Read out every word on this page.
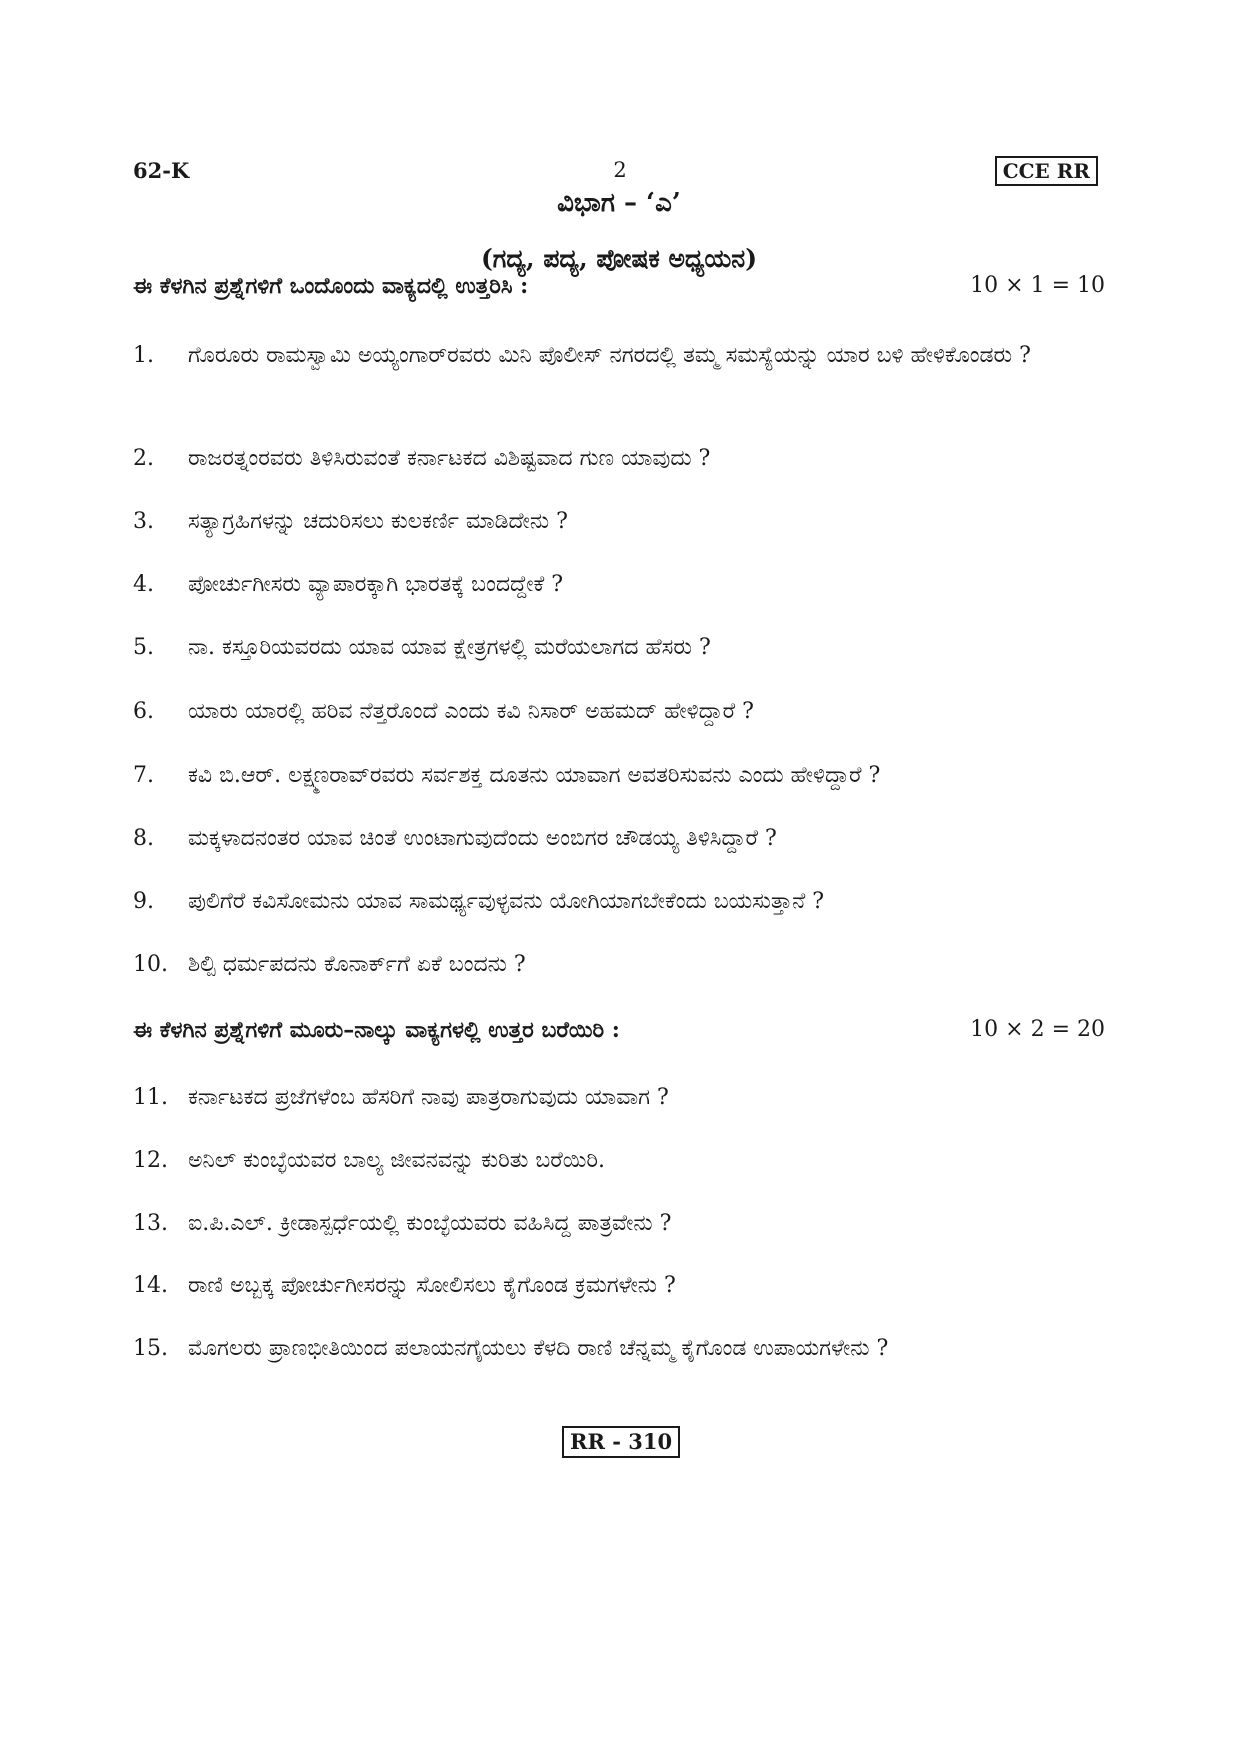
62-K	2	CCE RR
ವಿಭಾಗ – ‘ಎ’
(ಗದ್ಯ, ಪದ್ಯ, ಪೋಷಕ ಅಧ್ಯಯನ)
ಈ ಕೆಳಗಿನ ಪ್ರಶ್ನೆಗಳಿಗೆ ಒಂದೊಂದು ವಾಕ್ಯದಲ್ಲಿ ಉತ್ತರಿಸಿ :	10 × 1 = 10
1.	ಗೊರೂರು ರಾಮಸ್ವಾಮಿ ಅಯ್ಯಂಗಾರ್‌ರವರು ಮಿನಿ ಪೊಲೀಸ್ ನಗರದಲ್ಲಿ ತಮ್ಮ ಸಮಸ್ಯೆಯನ್ನು ಯಾರ ಬಳಿ ಹೇಳಿಕೊಂಡರು ?
2.	ರಾಜರತ್ನಂರವರು ತಿಳಿಸಿರುವಂತೆ ಕರ್ನಾಟಕದ ವಿಶಿಷ್ಟವಾದ ಗುಣ ಯಾವುದು ?
3.	ಸತ್ಯಾಗ್ರಹಿಗಳನ್ನು ಚದುರಿಸಲು ಕುಲಕರ್ಣಿ ಮಾಡಿದೇನು ?
4.	ಪೋರ್ಚುಗೀಸರು ವ್ಯಾಪಾರಕ್ಕಾಗಿ ಭಾರತಕ್ಕೆ ಬಂದದ್ದೇಕೆ ?
5.	ನಾ. ಕಸ್ತೂರಿಯವರದು ಯಾವ ಯಾವ ಕ್ಷೇತ್ರಗಳಲ್ಲಿ ಮರೆಯಲಾಗದ ಹೆಸರು ?
6.	ಯಾರು ಯಾರಲ್ಲಿ ಹರಿವ ನೆತ್ತರೊಂದೆ ಎಂದು ಕವಿ ನಿಸಾರ್ ಅಹಮದ್ ಹೇಳಿದ್ದಾರೆ ?
7.	ಕವಿ ಬಿ.ಆರ್. ಲಕ್ಷ್ಮಣರಾವ್‌ರವರು ಸರ್ವಶಕ್ತ ದೂತನು ಯಾವಾಗ ಅವತರಿಸುವನು ಎಂದು ಹೇಳಿದ್ದಾರೆ ?
8.	ಮಕ್ಕಳಾದನಂತರ ಯಾವ ಚಿಂತೆ ಉಂಟಾಗುವುದೆಂದು ಅಂಬಿಗರ ಚೌಡಯ್ಯ ತಿಳಿಸಿದ್ದಾರೆ ?
9.	ಪುಲಿಗೆರೆ ಕವಿಸೋಮನು ಯಾವ ಸಾಮರ್ಥ್ಯವುಳ್ಳವನು ಯೋಗಿಯಾಗಬೇಕೆಂದು ಬಯಸುತ್ತಾನೆ ?
10. ಶಿಲ್ಪಿ ಧರ್ಮಪದನು ಕೊನಾರ್ಕ್‌ಗೆ ಏಕೆ ಬಂದನು ?
ಈ ಕೆಳಗಿನ ಪ್ರಶ್ನೆಗಳಿಗೆ ಮೂರು–ನಾಲ್ಕು ವಾಕ್ಯಗಳಲ್ಲಿ ಉತ್ತರ ಬರೆಯಿರಿ :	10 × 2 = 20
11. ಕರ್ನಾಟಕದ ಪ್ರಜೆಗಳೆಂಬ ಹೆಸರಿಗೆ ನಾವು ಪಾತ್ರರಾಗುವುದು ಯಾವಾಗ ?
12. ಅನಿಲ್ ಕುಂಬ್ಳೆಯವರ ಬಾಲ್ಯ ಜೀವನವನ್ನು ಕುರಿತು ಬರೆಯಿರಿ.
13. ಐ.ಪಿ.ಎಲ್. ಕ್ರೀಡಾಸ್ಪರ್ಧೆಯಲ್ಲಿ ಕುಂಬ್ಳೆಯವರು ವಹಿಸಿದ್ದ ಪಾತ್ರವೇನು ?
14. ರಾಣಿ ಅಬ್ಬಕ್ಕ ಪೋರ್ಚುಗೀಸರನ್ನು ಸೋಲಿಸಲು ಕೈಗೊಂಡ ಕ್ರಮಗಳೇನು ?
15. ಮೊಗಲರು ಪ್ರಾಣಭೀತಿಯಿಂದ ಪಲಾಯನಗೈಯಲು ಕೆಳದಿ ರಾಣಿ ಚೆನ್ನಮ್ಮ ಕೈಗೊಂಡ ಉಪಾಯಗಳೇನು ?
RR - 310
